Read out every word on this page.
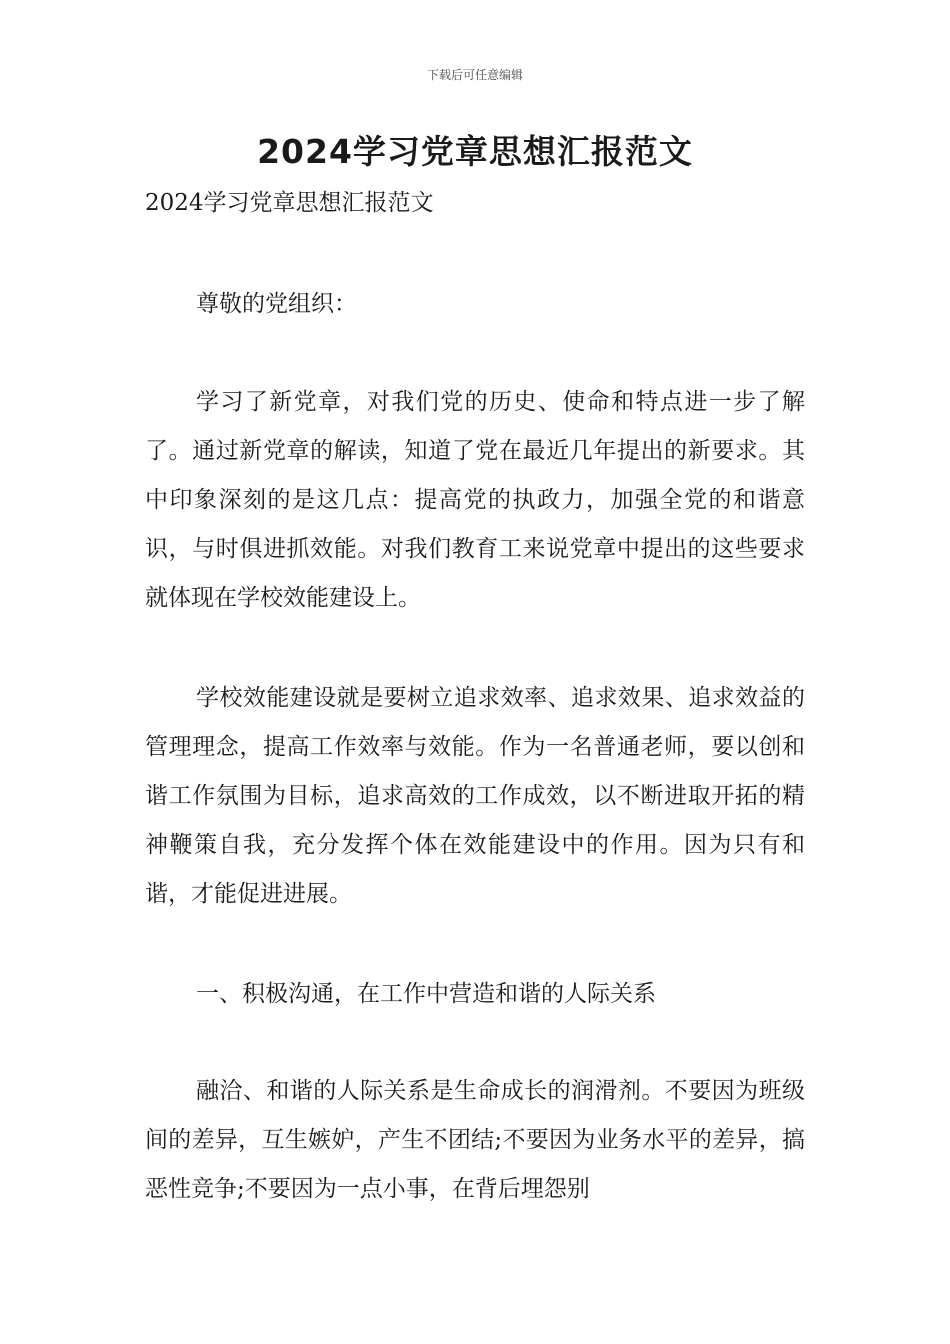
下载后可任意编辑
2024学习党章思想汇报范文
2024学习党章思想汇报范文
尊敬的党组织：

学习了新党章，对我们党的历史、使命和特点进一步了解了。通过新党章的解读，知道了党在最近几年提出的新要求。其中印象深刻的是这几点：提高党的执政力，加强全党的和谐意识，与时俱进抓效能。对我们教育工来说党章中提出的这些要求就体现在学校效能建设上。

学校效能建设就是要树立追求效率、追求效果、追求效益的管理理念，提高工作效率与效能。作为一名普通老师，要以创和谐工作氛围为目标，追求高效的工作成效，以不断进取开拓的精神鞭策自我，充分发挥个体在效能建设中的作用。因为只有和谐，才能促进进展。

一、积极沟通，在工作中营造和谐的人际关系

融洽、和谐的人际关系是生命成长的润滑剂。不要因为班级间的差异，互生嫉妒，产生不团结;不要因为业务水平的差异，搞恶性竞争;不要因为一点小事，在背后埋怨别
